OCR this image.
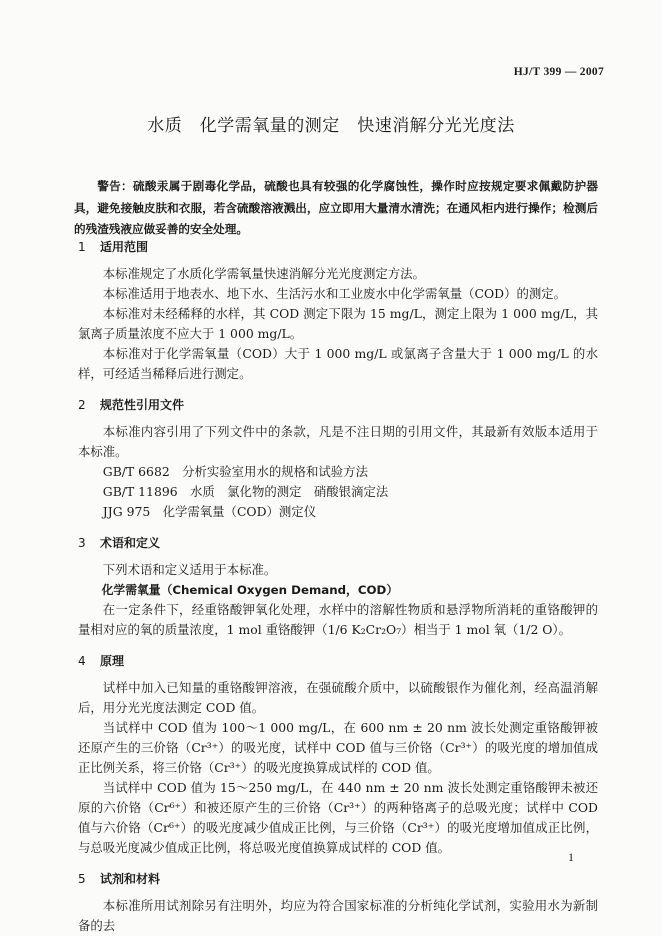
HJ/T 399 — 2007
水质　化学需氧量的测定　快速消解分光光度法
警告：硫酸汞属于剧毒化学品，硫酸也具有较强的化学腐蚀性，操作时应按规定要求佩戴防护器具，避免接触皮肤和衣服，若含硫酸溶液溅出，应立即用大量清水清洗；在通风柜内进行操作；检测后的残渣残液应做妥善的安全处理。
1 适用范围

本标准规定了水质化学需氧量快速消解分光光度测定方法。

本标准适用于地表水、地下水、生活污水和工业废水中化学需氧量（COD）的测定。

本标准对未经稀释的水样，其 COD 测定下限为 15 mg/L，测定上限为 1 000 mg/L，其氯离子质量浓度不应大于 1 000 mg/L。

本标准对于化学需氧量（COD）大于 1 000 mg/L 或氯离子含量大于 1 000 mg/L 的水样，可经适当稀释后进行测定。

2 规范性引用文件

本标准内容引用了下列文件中的条款，凡是不注日期的引用文件，其最新有效版本适用于本标准。

GB/T 6682　分析实验室用水的规格和试验方法

GB/T 11896　水质　氯化物的测定　硝酸银滴定法

JJG 975　化学需氧量（COD）测定仪

3 术语和定义

下列术语和定义适用于本标准。

化学需氧量（Chemical Oxygen Demand，COD）

在一定条件下，经重铬酸钾氧化处理，水样中的溶解性物质和悬浮物所消耗的重铬酸钾的量相对应的氧的质量浓度，1 mol 重铬酸钾（1/6 K₂Cr₂O₇）相当于 1 mol 氧（1/2 O）。

4 原理

试样中加入已知量的重铬酸钾溶液，在强硫酸介质中，以硫酸银作为催化剂，经高温消解后，用分光光度法测定 COD 值。

当试样中 COD 值为 100～1 000 mg/L，在 600 nm ± 20 nm 波长处测定重铬酸钾被还原产生的三价铬（Cr³⁺）的吸光度，试样中 COD 值与三价铬（Cr³⁺）的吸光度的增加值成正比例关系，将三价铬（Cr³⁺）的吸光度换算成试样的 COD 值。

当试样中 COD 值为 15～250 mg/L，在 440 nm ± 20 nm 波长处测定重铬酸钾未被还原的六价铬（Cr⁶⁺）和被还原产生的三价铬（Cr³⁺）的两种铬离子的总吸光度；试样中 COD 值与六价铬（Cr⁶⁺）的吸光度减少值成正比例，与三价铬（Cr³⁺）的吸光度增加值成正比例，与总吸光度减少值成正比例，将总吸光度值换算成试样的 COD 值。

5 试剂和材料

本标准所用试剂除另有注明外，均应为符合国家标准的分析纯化学试剂，实验用水为新制备的去

1
